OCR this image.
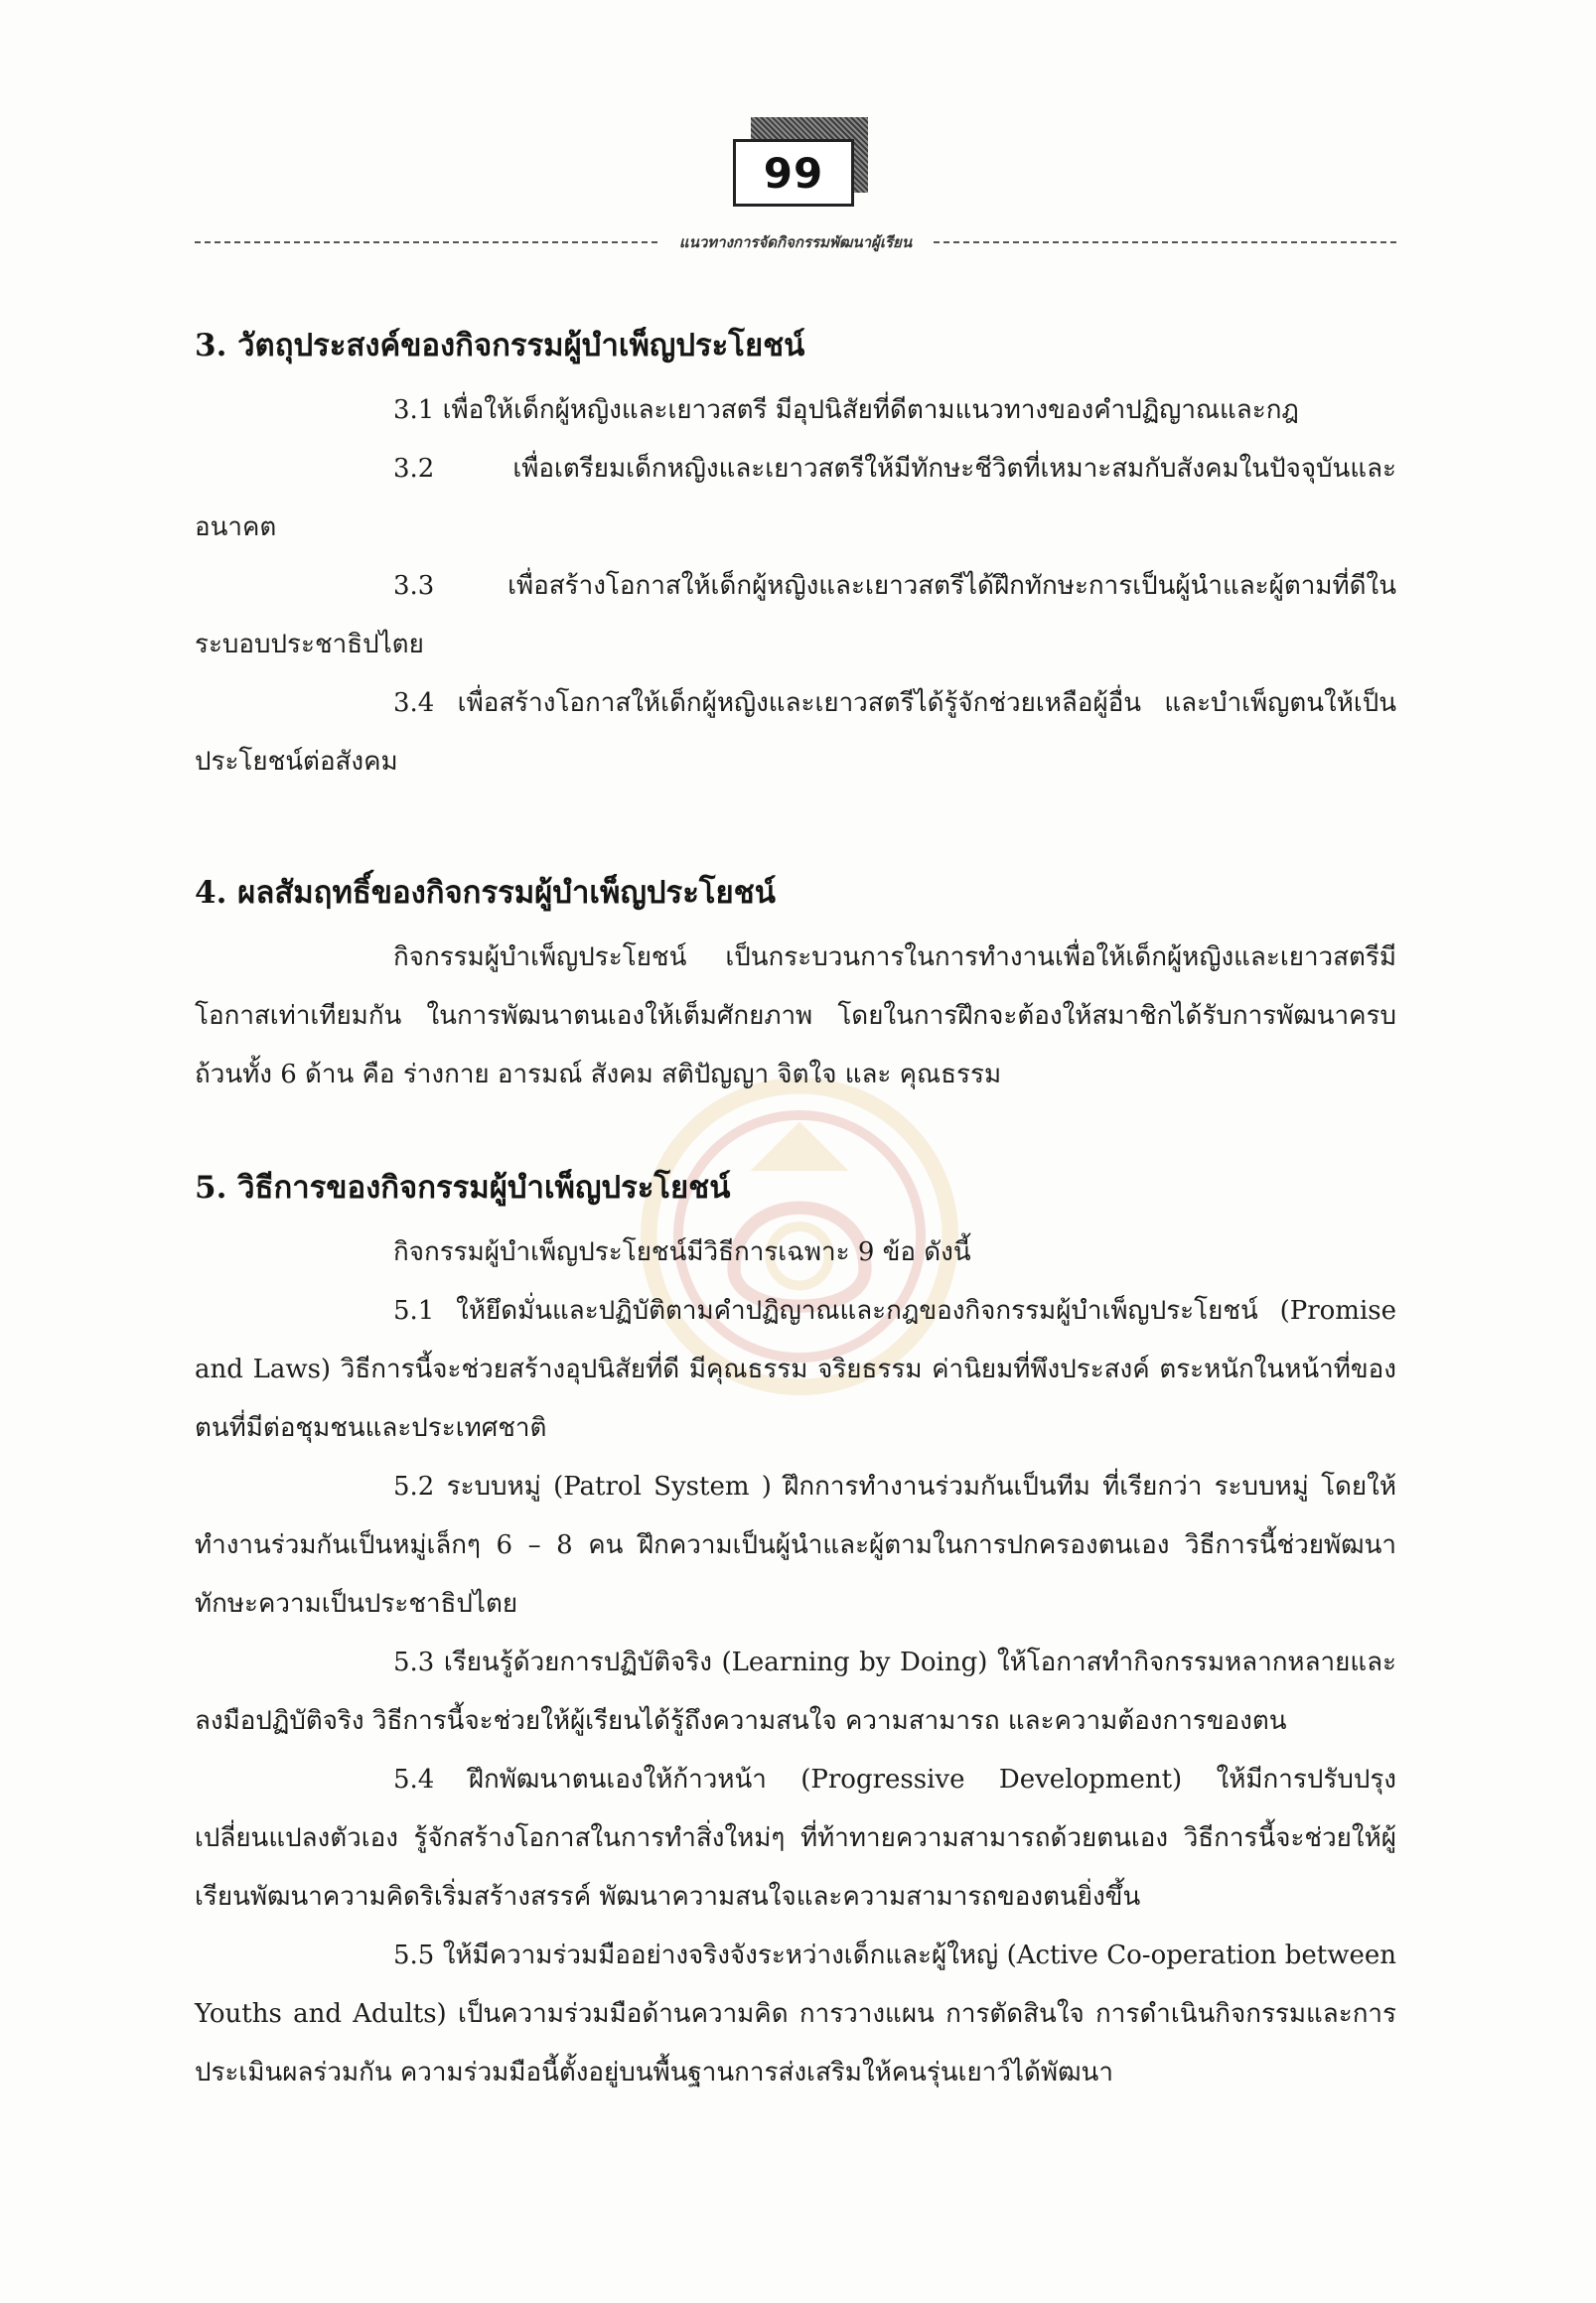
99
แนวทางการจัดกิจกรรมพัฒนาผู้เรียน
3. วัตถุประสงค์ของกิจกรรมผู้บำเพ็ญประโยชน์

3.1 เพื่อให้เด็กผู้หญิงและเยาวสตรี มีอุปนิสัยที่ดีตามแนวทางของคำปฏิญาณและกฎ

3.2 เพื่อเตรียมเด็กหญิงและเยาวสตรีให้มีทักษะชีวิตที่เหมาะสมกับสังคมในปัจจุบันและอนาคต

3.3 เพื่อสร้างโอกาสให้เด็กผู้หญิงและเยาวสตรีได้ฝึกทักษะการเป็นผู้นำและผู้ตามที่ดีในระบอบประชาธิปไตย

3.4 เพื่อสร้างโอกาสให้เด็กผู้หญิงและเยาวสตรีได้รู้จักช่วยเหลือผู้อื่น และบำเพ็ญตนให้เป็นประโยชน์ต่อสังคม

4. ผลสัมฤทธิ์ของกิจกรรมผู้บำเพ็ญประโยชน์

กิจกรรมผู้บำเพ็ญประโยชน์ เป็นกระบวนการในการทำงานเพื่อให้เด็กผู้หญิงและเยาวสตรีมีโอกาสเท่าเทียมกัน ในการพัฒนาตนเองให้เต็มศักยภาพ โดยในการฝึกจะต้องให้สมาชิกได้รับการพัฒนาครบถ้วนทั้ง 6 ด้าน คือ ร่างกาย อารมณ์ สังคม สติปัญญา จิตใจ และ คุณธรรม

5. วิธีการของกิจกรรมผู้บำเพ็ญประโยชน์

กิจกรรมผู้บำเพ็ญประโยชน์มีวิธีการเฉพาะ 9 ข้อ ดังนี้

5.1 ให้ยึดมั่นและปฏิบัติตามคำปฏิญาณและกฎของกิจกรรมผู้บำเพ็ญประโยชน์ (Promise and Laws) วิธีการนี้จะช่วยสร้างอุปนิสัยที่ดี มีคุณธรรม จริยธรรม ค่านิยมที่พึงประสงค์ ตระหนักในหน้าที่ของตนที่มีต่อชุมชนและประเทศชาติ

5.2 ระบบหมู่ (Patrol System ) ฝึกการทำงานร่วมกันเป็นทีม ที่เรียกว่า ระบบหมู่ โดยให้ทำงานร่วมกันเป็นหมู่เล็กๆ 6 – 8 คน ฝึกความเป็นผู้นำและผู้ตามในการปกครองตนเอง วิธีการนี้ช่วยพัฒนาทักษะความเป็นประชาธิปไตย

5.3 เรียนรู้ด้วยการปฏิบัติจริง (Learning by Doing) ให้โอกาสทำกิจกรรมหลากหลายและลงมือปฏิบัติจริง วิธีการนี้จะช่วยให้ผู้เรียนได้รู้ถึงความสนใจ ความสามารถ และความต้องการของตน

5.4 ฝึกพัฒนาตนเองให้ก้าวหน้า (Progressive Development) ให้มีการปรับปรุงเปลี่ยนแปลงตัวเอง รู้จักสร้างโอกาสในการทำสิ่งใหม่ๆ ที่ท้าทายความสามารถด้วยตนเอง วิธีการนี้จะช่วยให้ผู้เรียนพัฒนาความคิดริเริ่มสร้างสรรค์ พัฒนาความสนใจและความสามารถของตนยิ่งขึ้น

5.5 ให้มีความร่วมมืออย่างจริงจังระหว่างเด็กและผู้ใหญ่ (Active Co-operation between Youths and Adults) เป็นความร่วมมือด้านความคิด การวางแผน การตัดสินใจ การดำเนินกิจกรรมและการประเมินผลร่วมกัน ความร่วมมือนี้ตั้งอยู่บนพื้นฐานการส่งเสริมให้คนรุ่นเยาว์ได้พัฒนา
